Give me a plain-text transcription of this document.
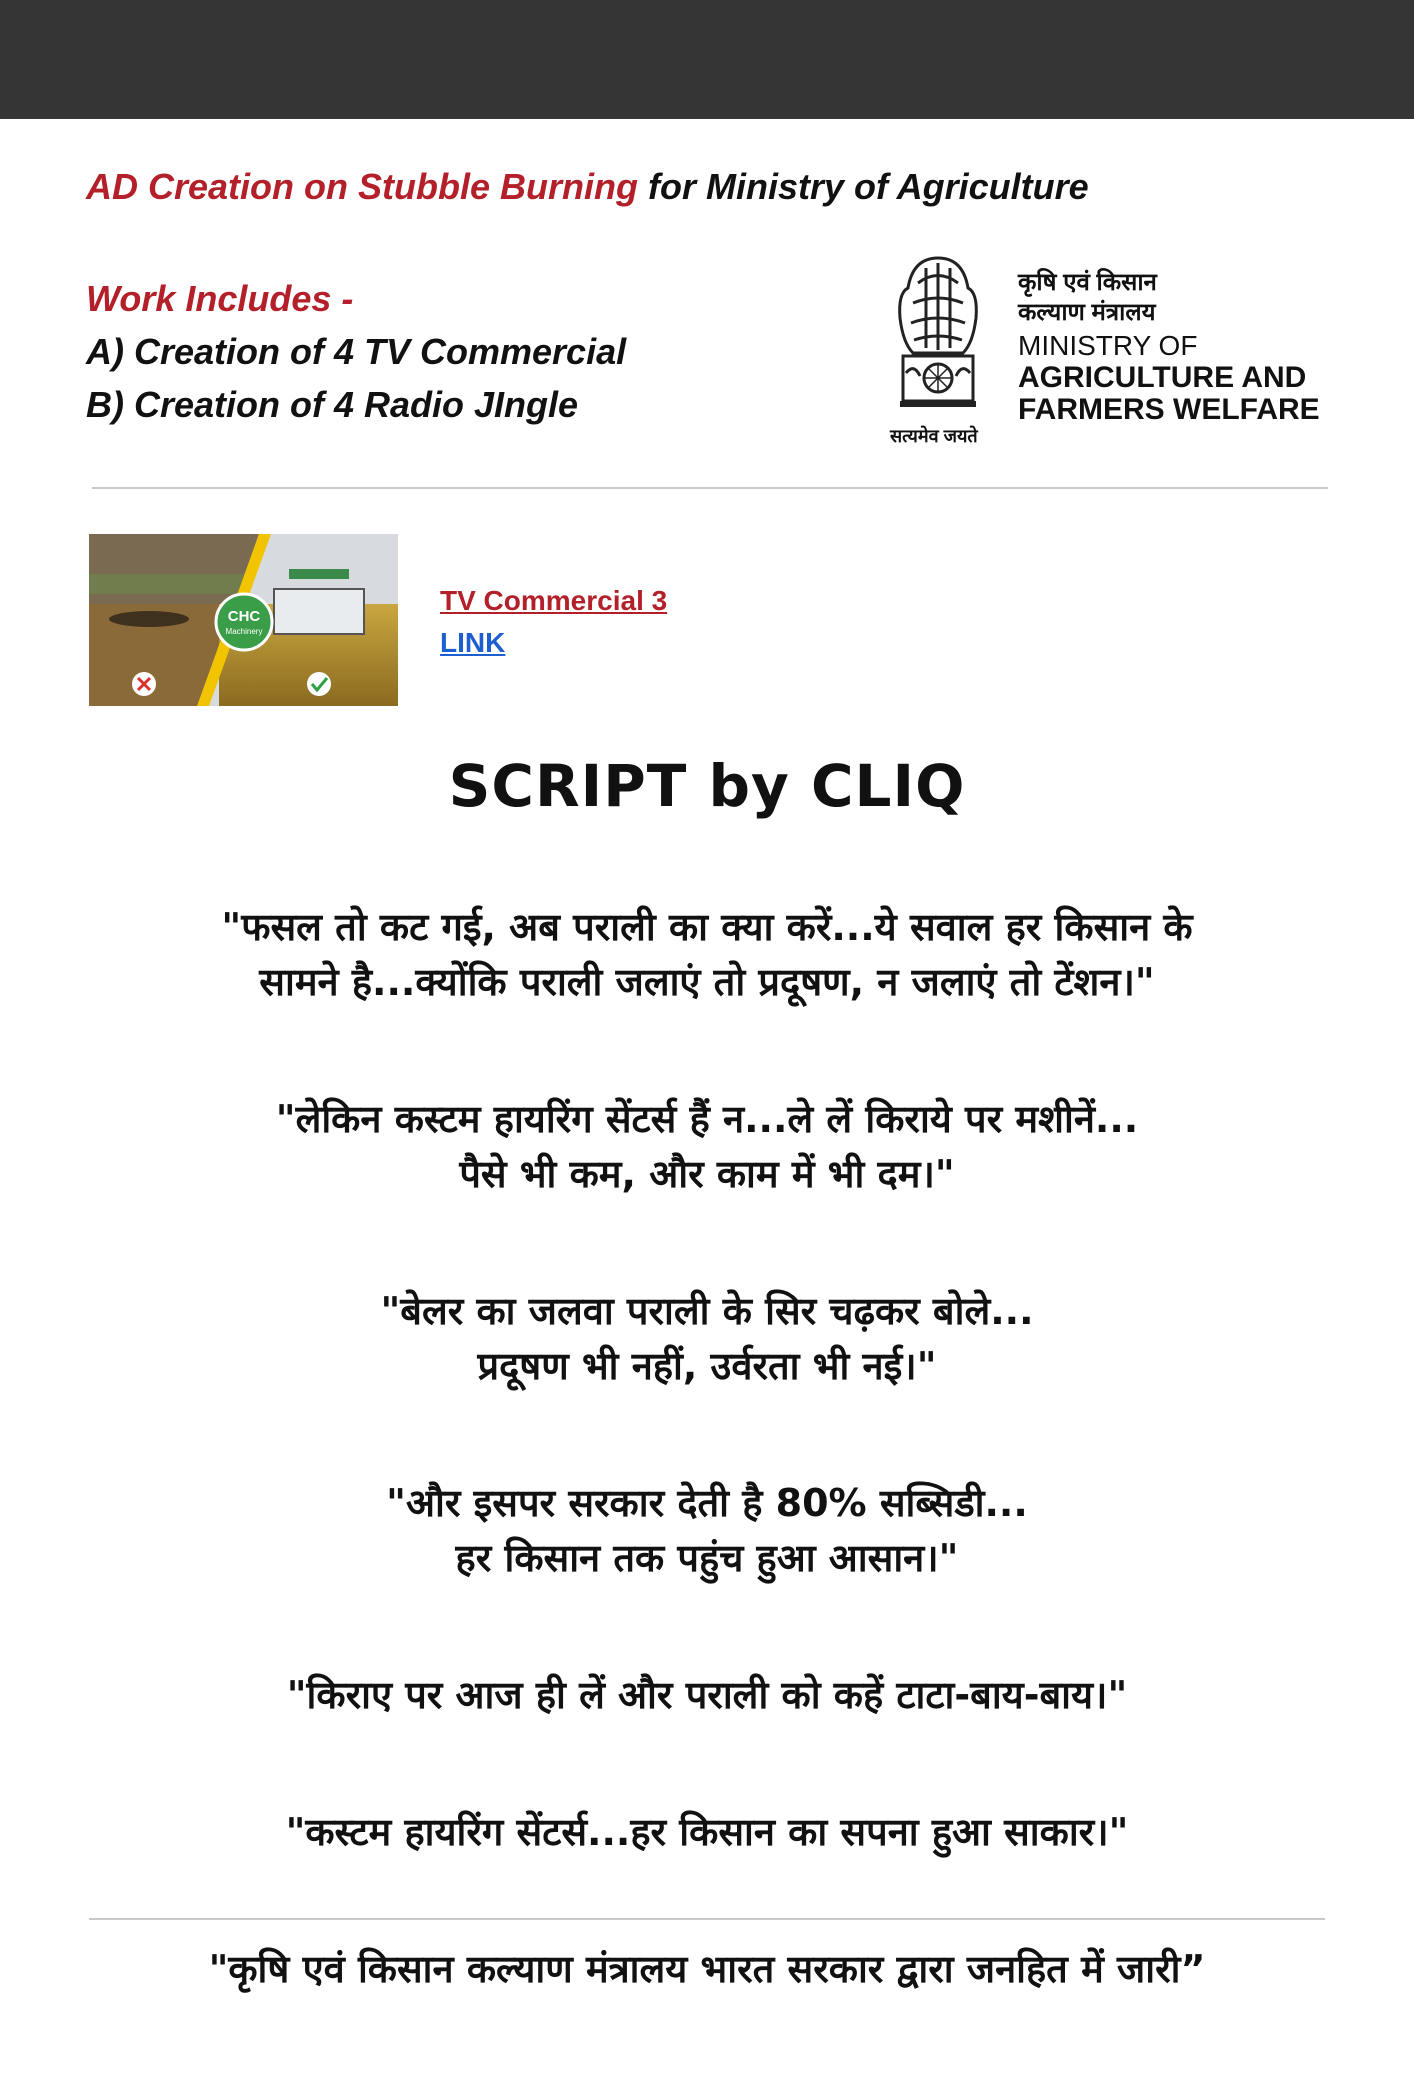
AD Creation on Stubble Burning for Ministry of Agriculture
Work Includes -
A) Creation of 4 TV Commercial
B) Creation of 4 Radio JIngle
सत्यमेव जयते
कृषि एवं किसान
कल्याण मंत्रालय
MINISTRY OF
AGRICULTURE AND
FARMERS WELFARE
CHC
Machinery
TV Commercial 3
LINK
SCRIPT by CLIQ
"फसल तो कट गई, अब पराली का क्या करें...ये सवाल हर किसान के
सामने है...क्योंकि पराली जलाएं तो प्रदूषण, न जलाएं तो टेंशन।"
"लेकिन कस्टम हायरिंग सेंटर्स हैं न...ले लें किराये पर मशीनें...
पैसे भी कम, और काम में भी दम।"
"बेलर का जलवा पराली के सिर चढ़कर बोले...
प्रदूषण भी नहीं, उर्वरता भी नई।"
"और इसपर सरकार देती है 80% सब्सिडी...
हर किसान तक पहुंच हुआ आसान।"
"किराए पर आज ही लें और पराली को कहें टाटा-बाय-बाय।"
"कस्टम हायरिंग सेंटर्स...हर किसान का सपना हुआ साकार।"
"कृषि एवं किसान कल्याण मंत्रालय भारत सरकार द्वारा जनहित में जारी”
